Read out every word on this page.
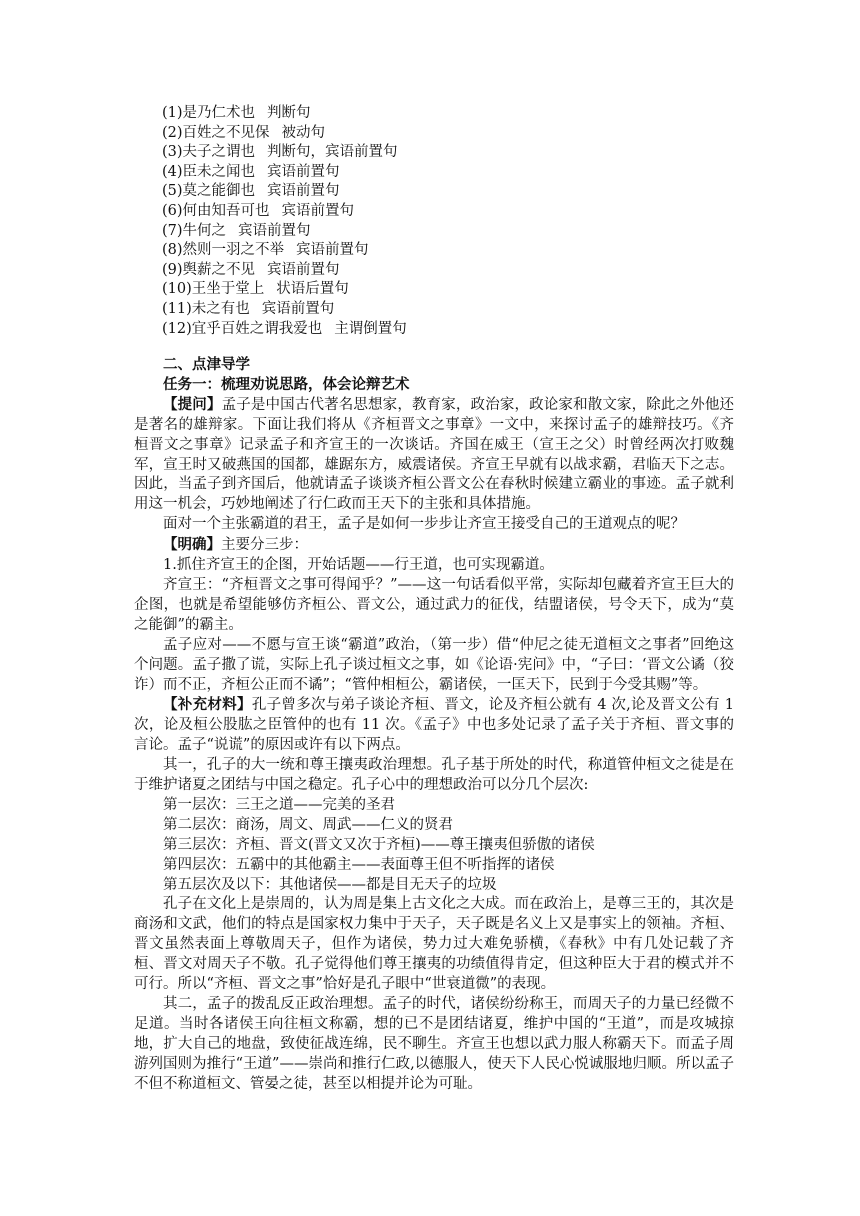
(1)是乃仁术也 判断句
(2)百姓之不见保 被动句
(3)夫子之谓也 判断句，宾语前置句
(4)臣未之闻也 宾语前置句
(5)莫之能御也 宾语前置句
(6)何由知吾可也 宾语前置句
(7)牛何之 宾语前置句
(8)然则一羽之不举 宾语前置句
(9)舆薪之不见 宾语前置句
(10)王坐于堂上 状语后置句
(11)未之有也 宾语前置句
(12)宜乎百姓之谓我爱也 主谓倒置句

二、点津导学

任务一：梳理劝说思路，体会论辩艺术

【提问】孟子是中国古代著名思想家，教育家，政治家，政论家和散文家，除此之外他还是著名的雄辩家。下面让我们将从《齐桓晋文之事章》一文中，来探讨孟子的雄辩技巧。《齐桓晋文之事章》记录孟子和齐宣王的一次谈话。齐国在威王（宣王之父）时曾经两次打败魏军，宣王时又破燕国的国都，雄踞东方，威震诸侯。齐宣王早就有以战求霸，君临天下之志。因此，当孟子到齐国后，他就请孟子谈谈齐桓公晋文公在春秋时候建立霸业的事迹。孟子就利用这一机会，巧妙地阐述了行仁政而王天下的主张和具体措施。

面对一个主张霸道的君王，孟子是如何一步步让齐宣王接受自己的王道观点的呢？

【明确】主要分三步：

1.抓住齐宣王的企图，开始话题——行王道，也可实现霸道。

齐宣王：“齐桓晋文之事可得闻乎？”——这一句话看似平常，实际却包藏着齐宣王巨大的企图，也就是希望能够仿齐桓公、晋文公，通过武力的征伐，结盟诸侯，号令天下，成为“莫之能御”的霸主。

孟子应对——不愿与宣王谈“霸道”政治，（第一步）借“仲尼之徒无道桓文之事者”回绝这个问题。孟子撒了谎，实际上孔子谈过桓文之事，如《论语·宪问》中，“子曰：‘晋文公谲（狡诈）而不正，齐桓公正而不谲”；“管仲相桓公，霸诸侯，一匡天下，民到于今受其赐”等。

【补充材料】孔子曾多次与弟子谈论齐桓、晋文，论及齐桓公就有 4 次,论及晋文公有 1 次，论及桓公股肱之臣管仲的也有 11 次。《孟子》中也多处记录了孟子关于齐桓、晋文事的言论。孟子“说谎”的原因或许有以下两点。

其一，孔子的大一统和尊王攘夷政治理想。孔子基于所处的时代，称道管仲桓文之徒是在于维护诸夏之团结与中国之稳定。孔子心中的理想政治可以分几个层次:

第一层次：三王之道——完美的圣君

第二层次：商汤，周文、周武——仁义的贤君

第三层次：齐桓、晋文(晋文又次于齐桓)——尊王攘夷但骄傲的诸侯

第四层次：五霸中的其他霸主——表面尊王但不听指挥的诸侯

第五层次及以下：其他诸侯——都是目无天子的垃圾

孔子在文化上是崇周的，认为周是集上古文化之大成。而在政治上，是尊三王的，其次是商汤和文武，他们的特点是国家权力集中于天子，天子既是名义上又是事实上的领袖。齐桓、晋文虽然表面上尊敬周天子，但作为诸侯，势力过大难免骄横，《春秋》中有几处记载了齐桓、晋文对周天子不敬。孔子觉得他们尊王攘夷的功绩值得肯定，但这种臣大于君的模式并不可行。所以“齐桓、晋文之事”恰好是孔子眼中“世衰道微”的表现。

其二，孟子的拨乱反正政治理想。孟子的时代，诸侯纷纷称王，而周天子的力量已经微不足道。当时各诸侯王向往桓文称霸，想的已不是团结诸夏，维护中国的“王道”，而是攻城掠地，扩大自己的地盘，致使征战连绵，民不聊生。齐宣王也想以武力服人称霸天下。而孟子周游列国则为推行“王道”——崇尚和推行仁政,以德服人，使天下人民心悦诚服地归顺。所以孟子不但不称道桓文、管晏之徒，甚至以相提并论为可耻。
